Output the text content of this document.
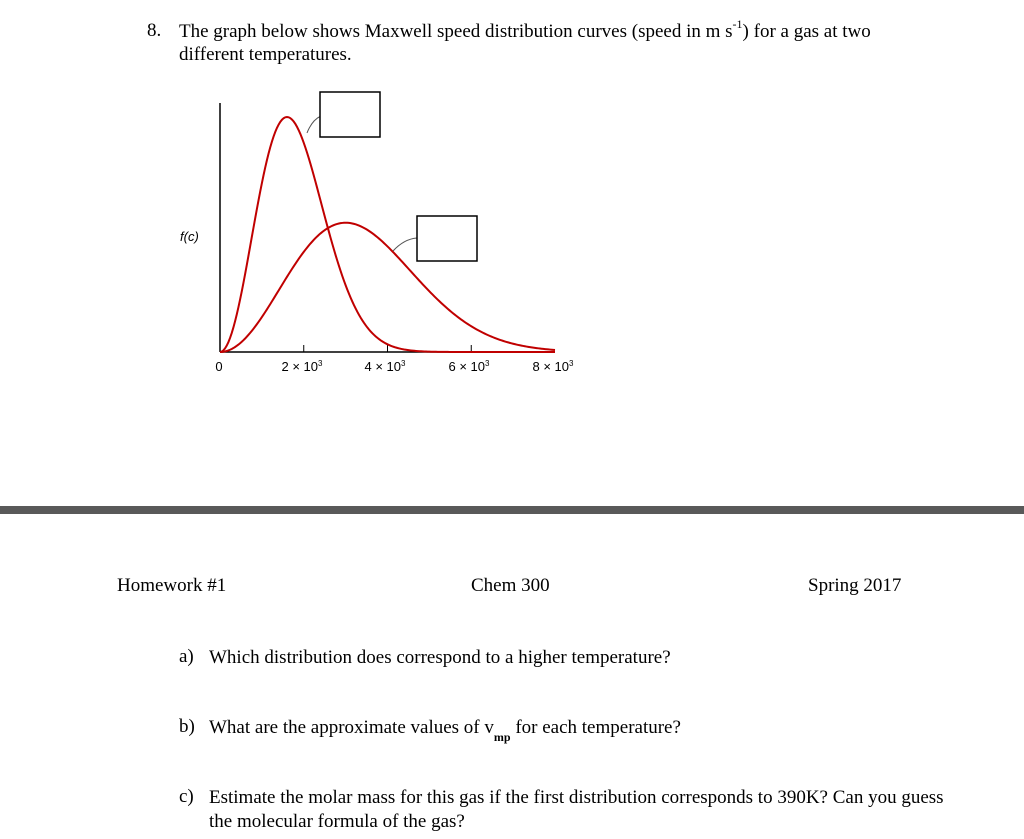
8. The graph below shows Maxwell speed distribution curves (speed in m $s^{-1}$) for a gas at two different temperatures.
f(c)
0	$2 \times 10^3$	$4 \times 10^3$	$6 \times 10^3$	$8 \times 10^3$
Homework #1	Chem 300	Spring 2017
a) Which distribution does correspond to a higher temperature?
b) What are the approximate values of $v_{mp}$ for each temperature?
c) Estimate the molar mass for this gas if the first distribution corresponds to 390K? Can you guess the molecular formula of the gas?
